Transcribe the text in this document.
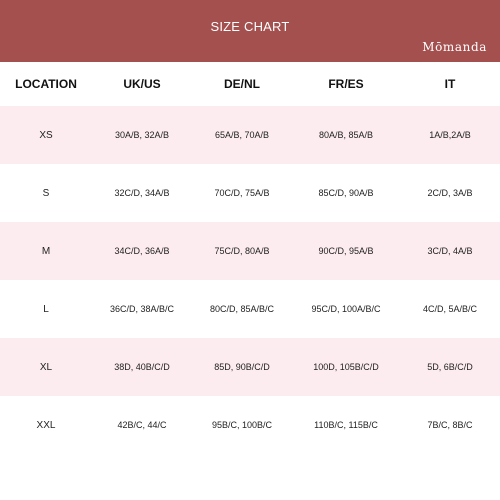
SIZE CHART
Mōmanda
LOCATION	UK/US	DE/NL	FR/ES	IT
XS	30A/B, 32A/B	65A/B, 70A/B	80A/B, 85A/B	1A/B,2A/B
S	32C/D, 34A/B	70C/D, 75A/B	85C/D, 90A/B	2C/D, 3A/B
M	34C/D, 36A/B	75C/D, 80A/B	90C/D, 95A/B	3C/D, 4A/B
L	36C/D, 38A/B/C	80C/D, 85A/B/C	95C/D, 100A/B/C	4C/D, 5A/B/C
XL	38D, 40B/C/D	85D, 90B/C/D	100D, 105B/C/D	5D, 6B/C/D
XXL	42B/C, 44/C	95B/C, 100B/C	110B/C, 115B/C	7B/C, 8B/C
